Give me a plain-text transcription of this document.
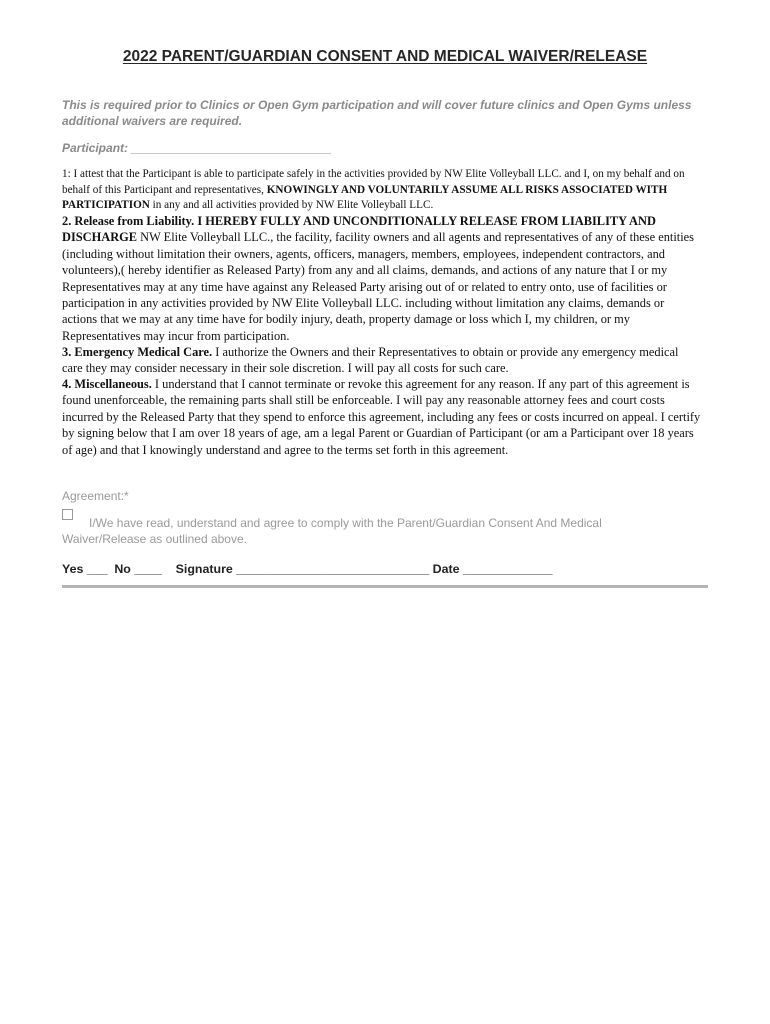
2022 PARENT/GUARDIAN CONSENT AND MEDICAL WAIVER/RELEASE
This is required prior to Clinics or Open Gym participation and will cover future clinics and Open Gyms unless additional waivers are required.
Participant: ______________________________
1: I attest that the Participant is able to participate safely in the activities provided by NW Elite Volleyball LLC. and I, on my behalf and on behalf of this Participant and representatives, KNOWINGLY AND VOLUNTARILY ASSUME ALL RISKS ASSOCIATED WITH PARTICIPATION in any and all activities provided by NW Elite Volleyball LLC.
2. Release from Liability. I HEREBY FULLY AND UNCONDITIONALLY RELEASE FROM LIABILITY AND DISCHARGE NW Elite Volleyball LLC., the facility, facility owners and all agents and representatives of any of these entities (including without limitation their owners, agents, officers, managers, members, employees, independent contractors, and volunteers),( hereby identifier as Released Party) from any and all claims, demands, and actions of any nature that I or my Representatives may at any time have against any Released Party arising out of or related to entry onto, use of facilities or participation in any activities provided by NW Elite Volleyball LLC. including without limitation any claims, demands or actions that we may at any time have for bodily injury, death, property damage or loss which I, my children, or my Representatives may incur from participation.
3. Emergency Medical Care. I authorize the Owners and their Representatives to obtain or provide any emergency medical care they may consider necessary in their sole discretion. I will pay all costs for such care.
4. Miscellaneous. I understand that I cannot terminate or revoke this agreement for any reason. If any part of this agreement is found unenforceable, the remaining parts shall still be enforceable. I will pay any reasonable attorney fees and court costs incurred by the Released Party that they spend to enforce this agreement, including any fees or costs incurred on appeal. I certify by signing below that I am over 18 years of age, am a legal Parent or Guardian of Participant (or am a Participant over 18 years of age) and that I knowingly understand and agree to the terms set forth in this agreement.
Agreement:*
I/We have read, understand and agree to comply with the Parent/Guardian Consent And Medical Waiver/Release as outlined above.
Yes ___  No ____    Signature ____________________________ Date _____________
